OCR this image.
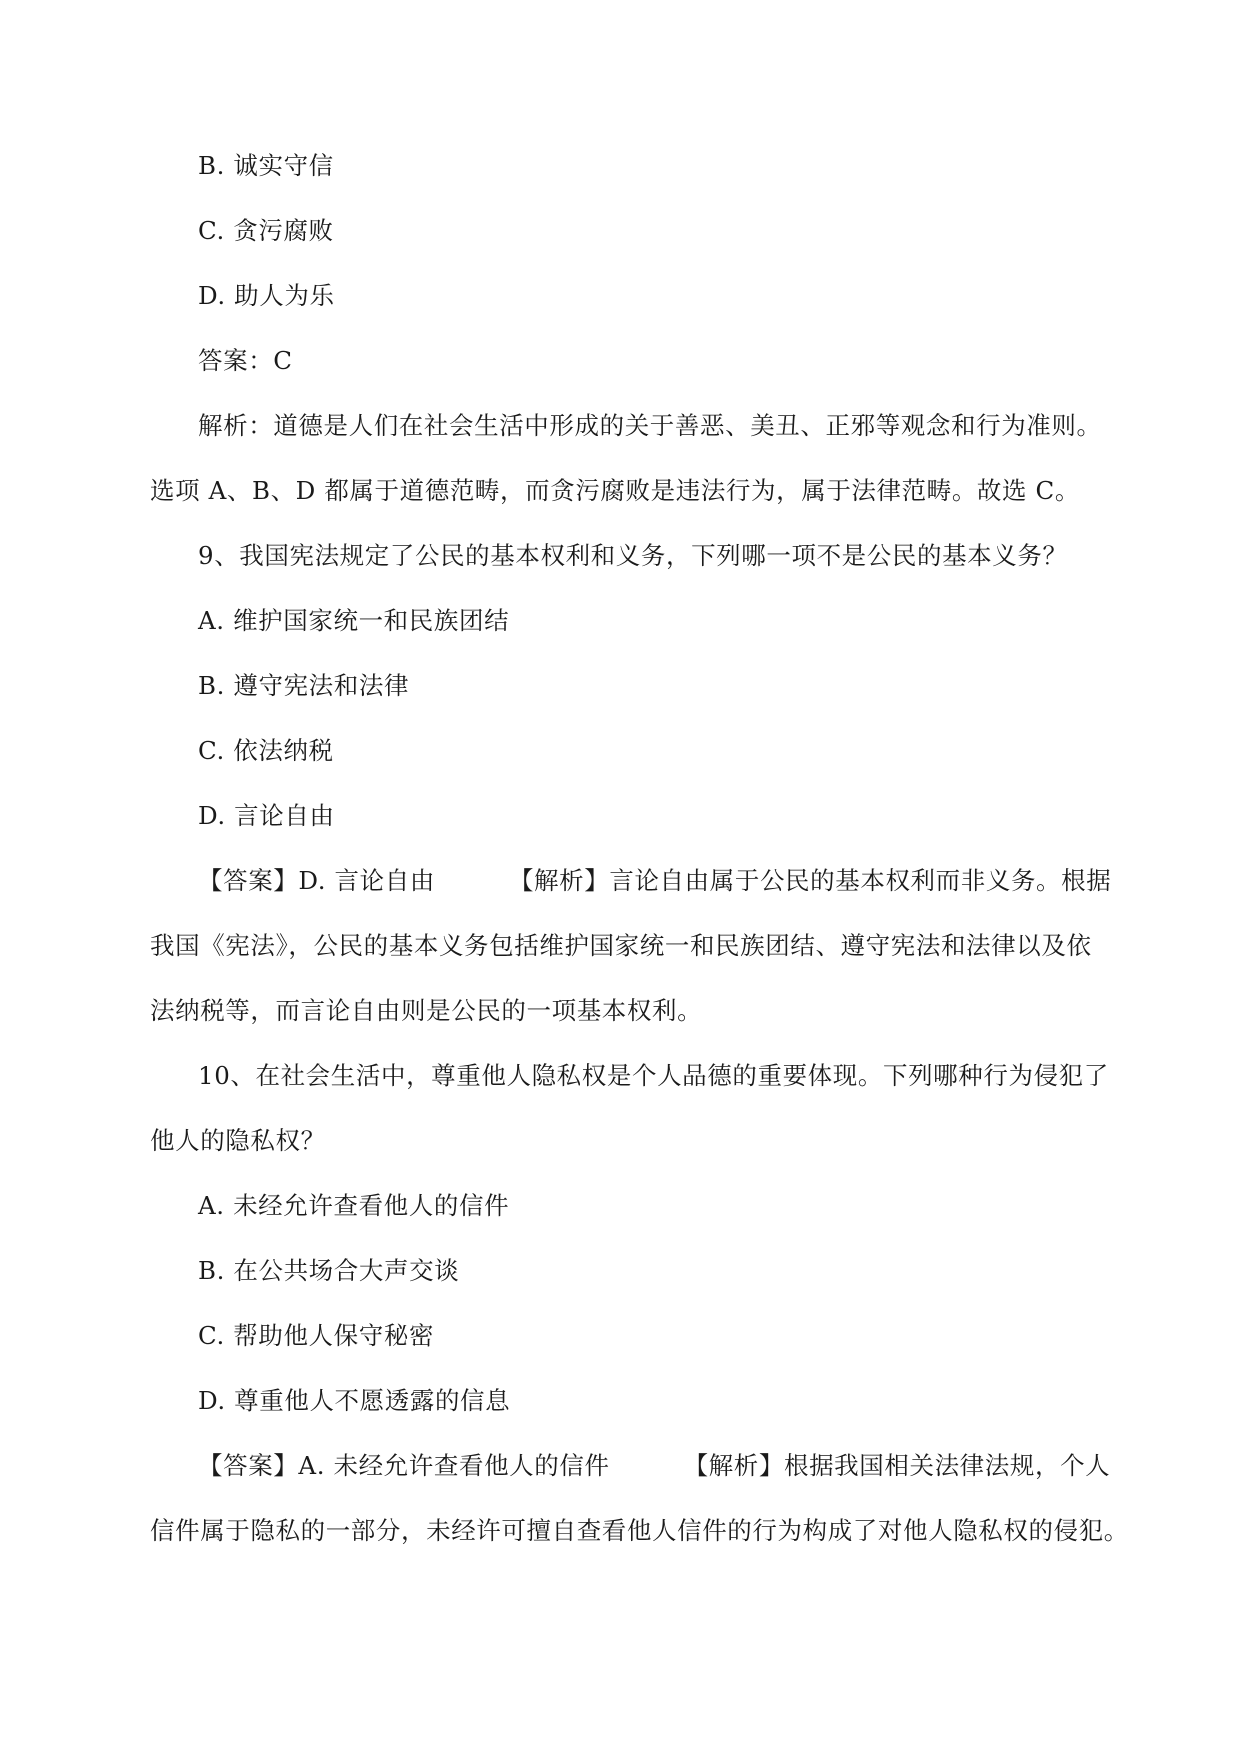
B. 诚实守信
C. 贪污腐败
D. 助人为乐
答案：C
解析：道德是人们在社会生活中形成的关于善恶、美丑、正邪等观念和行为准则。
选项 A、B、D 都属于道德范畴，而贪污腐败是违法行为，属于法律范畴。故选 C。
9、我国宪法规定了公民的基本权利和义务，下列哪一项不是公民的基本义务？
A. 维护国家统一和民族团结
B. 遵守宪法和法律
C. 依法纳税
D. 言论自由
【答案】D. 言论自由	【解析】言论自由属于公民的基本权利而非义务。根据
我国《宪法》，公民的基本义务包括维护国家统一和民族团结、遵守宪法和法律以及依
法纳税等，而言论自由则是公民的一项基本权利。
10、在社会生活中，尊重他人隐私权是个人品德的重要体现。下列哪种行为侵犯了
他人的隐私权？
A. 未经允许查看他人的信件
B. 在公共场合大声交谈
C. 帮助他人保守秘密
D. 尊重他人不愿透露的信息
【答案】A. 未经允许查看他人的信件	【解析】根据我国相关法律法规，个人
信件属于隐私的一部分，未经许可擅自查看他人信件的行为构成了对他人隐私权的侵犯。
